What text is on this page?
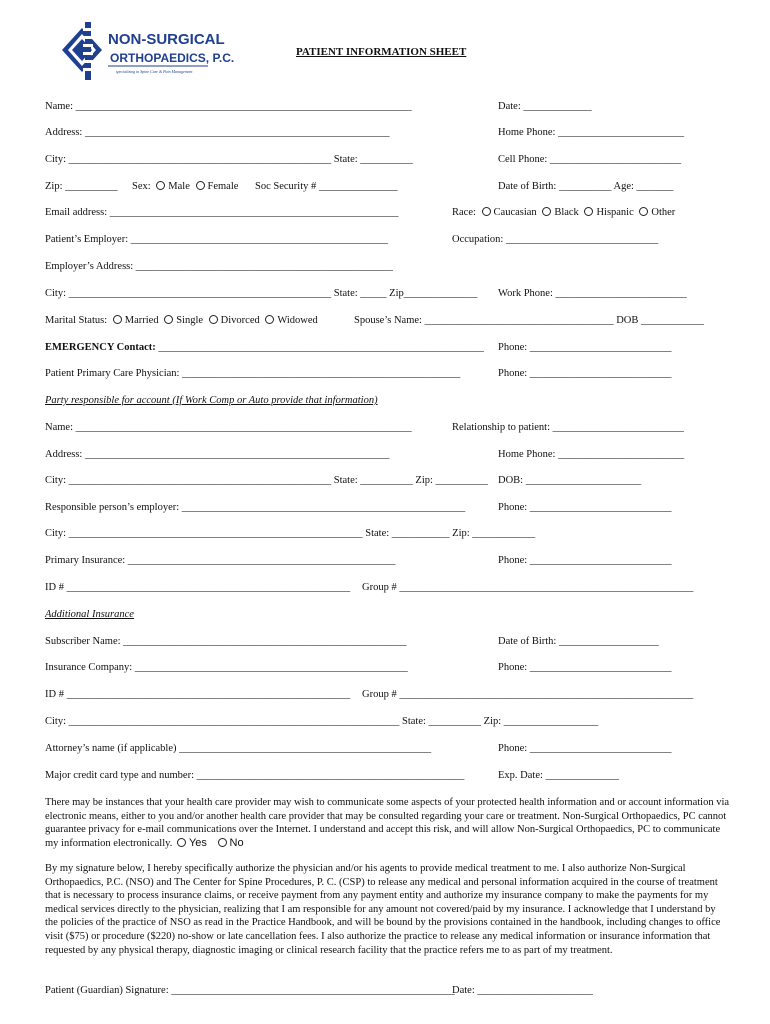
NON-SURGICAL
ORTHOPAEDICS, P.C.
specializing in Spine Care & Pain Management
PATIENT INFORMATION SHEET
Name: ________________________________________________________________	Date: _____________
Address: __________________________________________________________	Home Phone: ________________________
City: __________________________________________________ State: __________	Cell Phone: _________________________
Zip: __________ Sex: Male Female Soc Security # _______________	Date of Birth: __________ Age: _______
Email address: _______________________________________________________	Race: Caucasian Black Hispanic Other
Patient’s Employer: _________________________________________________	Occupation: _____________________________
Employer’s Address: _________________________________________________
City: __________________________________________________ State: _____ Zip______________ Work Phone: _________________________
Marital Status: Married Single Divorced Widowed	Spouse’s Name: ____________________________________ DOB ____________
EMERGENCY Contact: ______________________________________________________________ Phone: ___________________________
Patient Primary Care Physician: _____________________________________________________	Phone: ___________________________
Party responsible for account (If Work Comp or Auto provide that information)
Name: ________________________________________________________________	Relationship to patient: _________________________
Address: __________________________________________________________	Home Phone: ________________________
City: __________________________________________________ State: __________ Zip: __________ DOB: ______________________
Responsible person’s employer: ______________________________________________________	Phone: ___________________________
City: ________________________________________________________ State: ___________ Zip: ____________
Primary Insurance: ___________________________________________________	Phone: ___________________________
ID # ______________________________________________________ Group # ________________________________________________________
Additional Insurance
Subscriber Name: ______________________________________________________	Date of Birth: ___________________
Insurance Company: ____________________________________________________	Phone: ___________________________
ID # ______________________________________________________ Group # ________________________________________________________
City: _______________________________________________________________ State: __________ Zip: __________________
Attorney’s name (if applicable) ________________________________________________	Phone: ___________________________
Major credit card type and number: ___________________________________________________	Exp. Date: ______________
There may be instances that your health care provider may wish to communicate some aspects of your protected health information and or account information via electronic means, either to you and/or another health care provider that may be consulted regarding your care or treatment. Non-Surgical Orthopaedics, PC cannot guarantee privacy for e-mail communications over the Internet. I understand and accept this risk, and will allow Non-Surgical Orthopaedics, PC to communicate my information electronically. Yes No
By my signature below, I hereby specifically authorize the physician and/or his agents to provide medical treatment to me. I also authorize Non-Surgical Orthopaedics, P.C. (NSO) and The Center for Spine Procedures, P. C. (CSP) to release any medical and personal information acquired in the course of treatment that is necessary to process insurance claims, or receive payment from any payment entity and authorize my insurance company to make the payments for my medical services directly to the physician, realizing that I am responsible for any amount not covered/paid by my insurance. I acknowledge that I understand by the policies of the practice of NSO as read in the Practice Handbook, and will be bound by the provisions contained in the handbook, including changes to office visit ($75) or procedure ($220) no-show or late cancellation fees. I also authorize the practice to release any medical information or insurance information that requested by any physical therapy, diagnostic imaging or clinical research facility that the practice refers me to as part of my treatment.
Patient (Guardian) Signature: ______________________________________________________
Date: ______________________
